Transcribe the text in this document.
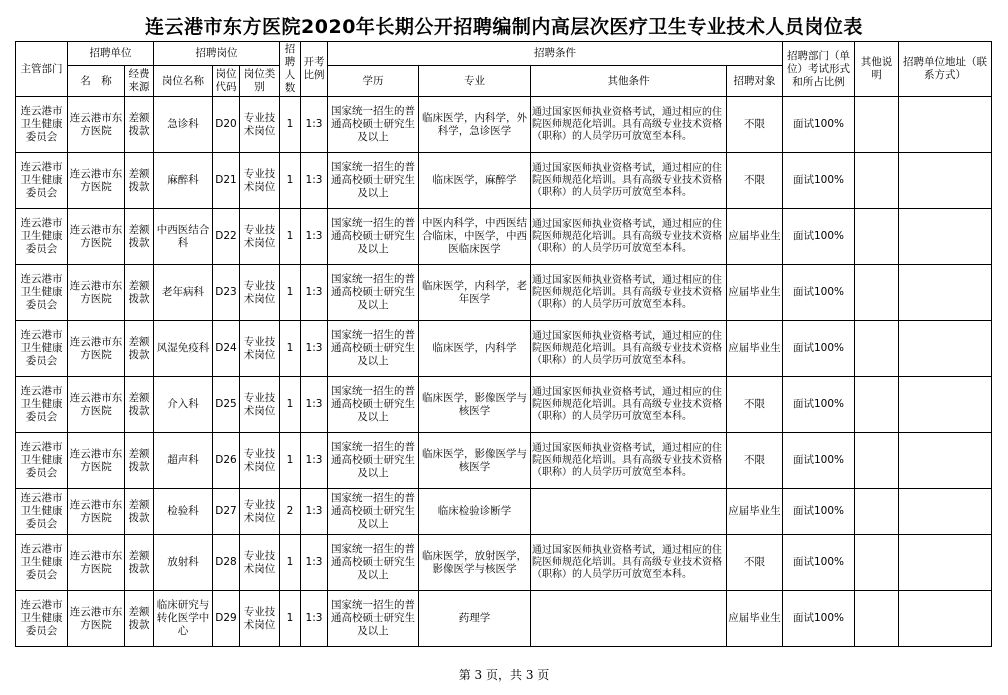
连云港市东方医院2020年长期公开招聘编制内高层次医疗卫生专业技术人员岗位表
主管部门	招聘单位		招聘岗位			招聘人数	开考比例	招聘条件				招聘部门（单位）考试形式和所占比例	其他说明	招聘单位地址（联系方式）
	名　称	经费来源	岗位名称	岗位代码	岗位类别			学历	专业	其他条件	招聘对象			
连云港市卫生健康委员会	连云港市东方医院	差额拨款	急诊科	D20	专业技术岗位	1	1:3	国家统一招生的普通高校硕士研究生及以上	临床医学，内科学，外科学，急诊医学	通过国家医师执业资格考试，通过相应的住院医师规范化培训。具有高级专业技术资格（职称）的人员学历可放宽至本科。	不限	面试100%		
连云港市卫生健康委员会	连云港市东方医院	差额拨款	麻醉科	D21	专业技术岗位	1	1:3	国家统一招生的普通高校硕士研究生及以上	临床医学，麻醉学	通过国家医师执业资格考试，通过相应的住院医师规范化培训。具有高级专业技术资格（职称）的人员学历可放宽至本科。	不限	面试100%		
连云港市卫生健康委员会	连云港市东方医院	差额拨款	中西医结合科	D22	专业技术岗位	1	1:3	国家统一招生的普通高校硕士研究生及以上	中医内科学，中西医结合临床，中医学，中西医临床医学	通过国家医师执业资格考试，通过相应的住院医师规范化培训。具有高级专业技术资格（职称）的人员学历可放宽至本科。	应届毕业生	面试100%		
连云港市卫生健康委员会	连云港市东方医院	差额拨款	老年病科	D23	专业技术岗位	1	1:3	国家统一招生的普通高校硕士研究生及以上	临床医学，内科学，老年医学	通过国家医师执业资格考试，通过相应的住院医师规范化培训。具有高级专业技术资格（职称）的人员学历可放宽至本科。	应届毕业生	面试100%		
连云港市卫生健康委员会	连云港市东方医院	差额拨款	风湿免疫科	D24	专业技术岗位	1	1:3	国家统一招生的普通高校硕士研究生及以上	临床医学，内科学	通过国家医师执业资格考试，通过相应的住院医师规范化培训。具有高级专业技术资格（职称）的人员学历可放宽至本科。	应届毕业生	面试100%		
连云港市卫生健康委员会	连云港市东方医院	差额拨款	介入科	D25	专业技术岗位	1	1:3	国家统一招生的普通高校硕士研究生及以上	临床医学，影像医学与核医学	通过国家医师执业资格考试，通过相应的住院医师规范化培训。具有高级专业技术资格（职称）的人员学历可放宽至本科。	不限	面试100%		
连云港市卫生健康委员会	连云港市东方医院	差额拨款	超声科	D26	专业技术岗位	1	1:3	国家统一招生的普通高校硕士研究生及以上	临床医学，影像医学与核医学	通过国家医师执业资格考试，通过相应的住院医师规范化培训。具有高级专业技术资格（职称）的人员学历可放宽至本科。	不限	面试100%		
连云港市卫生健康委员会	连云港市东方医院	差额拨款	检验科	D27	专业技术岗位	2	1:3	国家统一招生的普通高校硕士研究生及以上	临床检验诊断学		应届毕业生	面试100%		
连云港市卫生健康委员会	连云港市东方医院	差额拨款	放射科	D28	专业技术岗位	1	1:3	国家统一招生的普通高校硕士研究生及以上	临床医学，放射医学，影像医学与核医学	通过国家医师执业资格考试，通过相应的住院医师规范化培训。具有高级专业技术资格（职称）的人员学历可放宽至本科。	不限	面试100%		
连云港市卫生健康委员会	连云港市东方医院	差额拨款	临床研究与转化医学中心	D29	专业技术岗位	1	1:3	国家统一招生的普通高校硕士研究生及以上	药理学		应届毕业生	面试100%		
第 3 页，共 3 页
